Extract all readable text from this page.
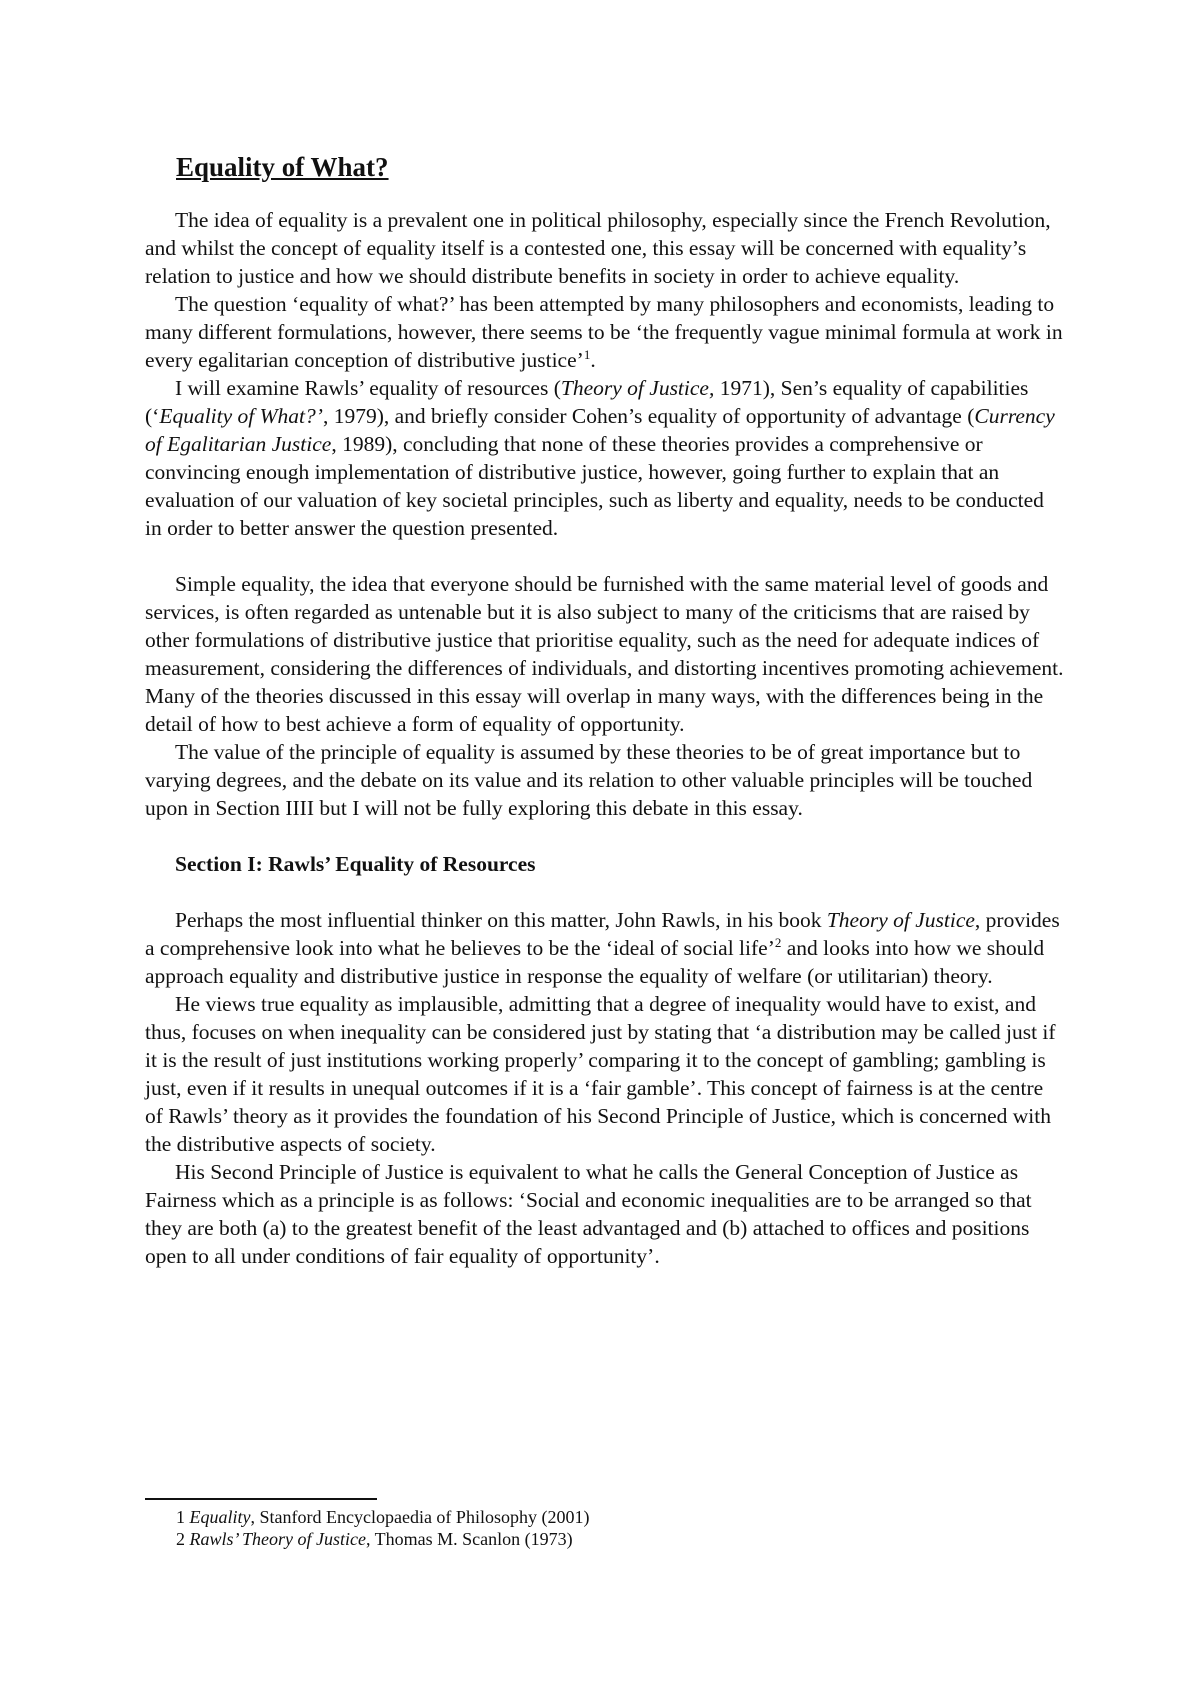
Equality of What?

The idea of equality is a prevalent one in political philosophy, especially since the French Revolution, and whilst the concept of equality itself is a contested one, this essay will be concerned with equality’s relation to justice and how we should distribute benefits in society in order to achieve equality.

The question ‘equality of what?’ has been attempted by many philosophers and economists, leading to many different formulations, however, there seems to be ‘the frequently vague minimal formula at work in every egalitarian conception of distributive justice’$^1$.

I will examine Rawls’ equality of resources (Theory of Justice, 1971), Sen’s equality of capabilities (‘Equality of What?’, 1979), and briefly consider Cohen’s equality of opportunity of advantage (Currency of Egalitarian Justice, 1989), concluding that none of these theories provides a comprehensive or convincing enough implementation of distributive justice, however, going further to explain that an evaluation of our valuation of key societal principles, such as liberty and equality, needs to be conducted in order to better answer the question presented.

Simple equality, the idea that everyone should be furnished with the same material level of goods and services, is often regarded as untenable but it is also subject to many of the criticisms that are raised by other formulations of distributive justice that prioritise equality, such as the need for adequate indices of measurement, considering the differences of individuals, and distorting incentives promoting achievement. Many of the theories discussed in this essay will overlap in many ways, with the differences being in the detail of how to best achieve a form of equality of opportunity.

The value of the principle of equality is assumed by these theories to be of great importance but to varying degrees, and the debate on its value and its relation to other valuable principles will be touched upon in Section IIII but I will not be fully exploring this debate in this essay.

Section I: Rawls’ Equality of Resources

Perhaps the most influential thinker on this matter, John Rawls, in his book Theory of Justice, provides a comprehensive look into what he believes to be the ‘ideal of social life’$^2$ and looks into how we should approach equality and distributive justice in response the equality of welfare (or utilitarian) theory.

He views true equality as implausible, admitting that a degree of inequality would have to exist, and thus, focuses on when inequality can be considered just by stating that ‘a distribution may be called just if it is the result of just institutions working properly’ comparing it to the concept of gambling; gambling is just, even if it results in unequal outcomes if it is a ‘fair gamble’. This concept of fairness is at the centre of Rawls’ theory as it provides the foundation of his Second Principle of Justice, which is concerned with the distributive aspects of society.

His Second Principle of Justice is equivalent to what he calls the General Conception of Justice as Fairness which as a principle is as follows: ‘Social and economic inequalities are to be arranged so that they are both (a) to the greatest benefit of the least advantaged and (b) attached to offices and positions open to all under conditions of fair equality of opportunity’.

1 Equality, Stanford Encyclopaedia of Philosophy (2001)
2 Rawls’ Theory of Justice, Thomas M. Scanlon (1973)
